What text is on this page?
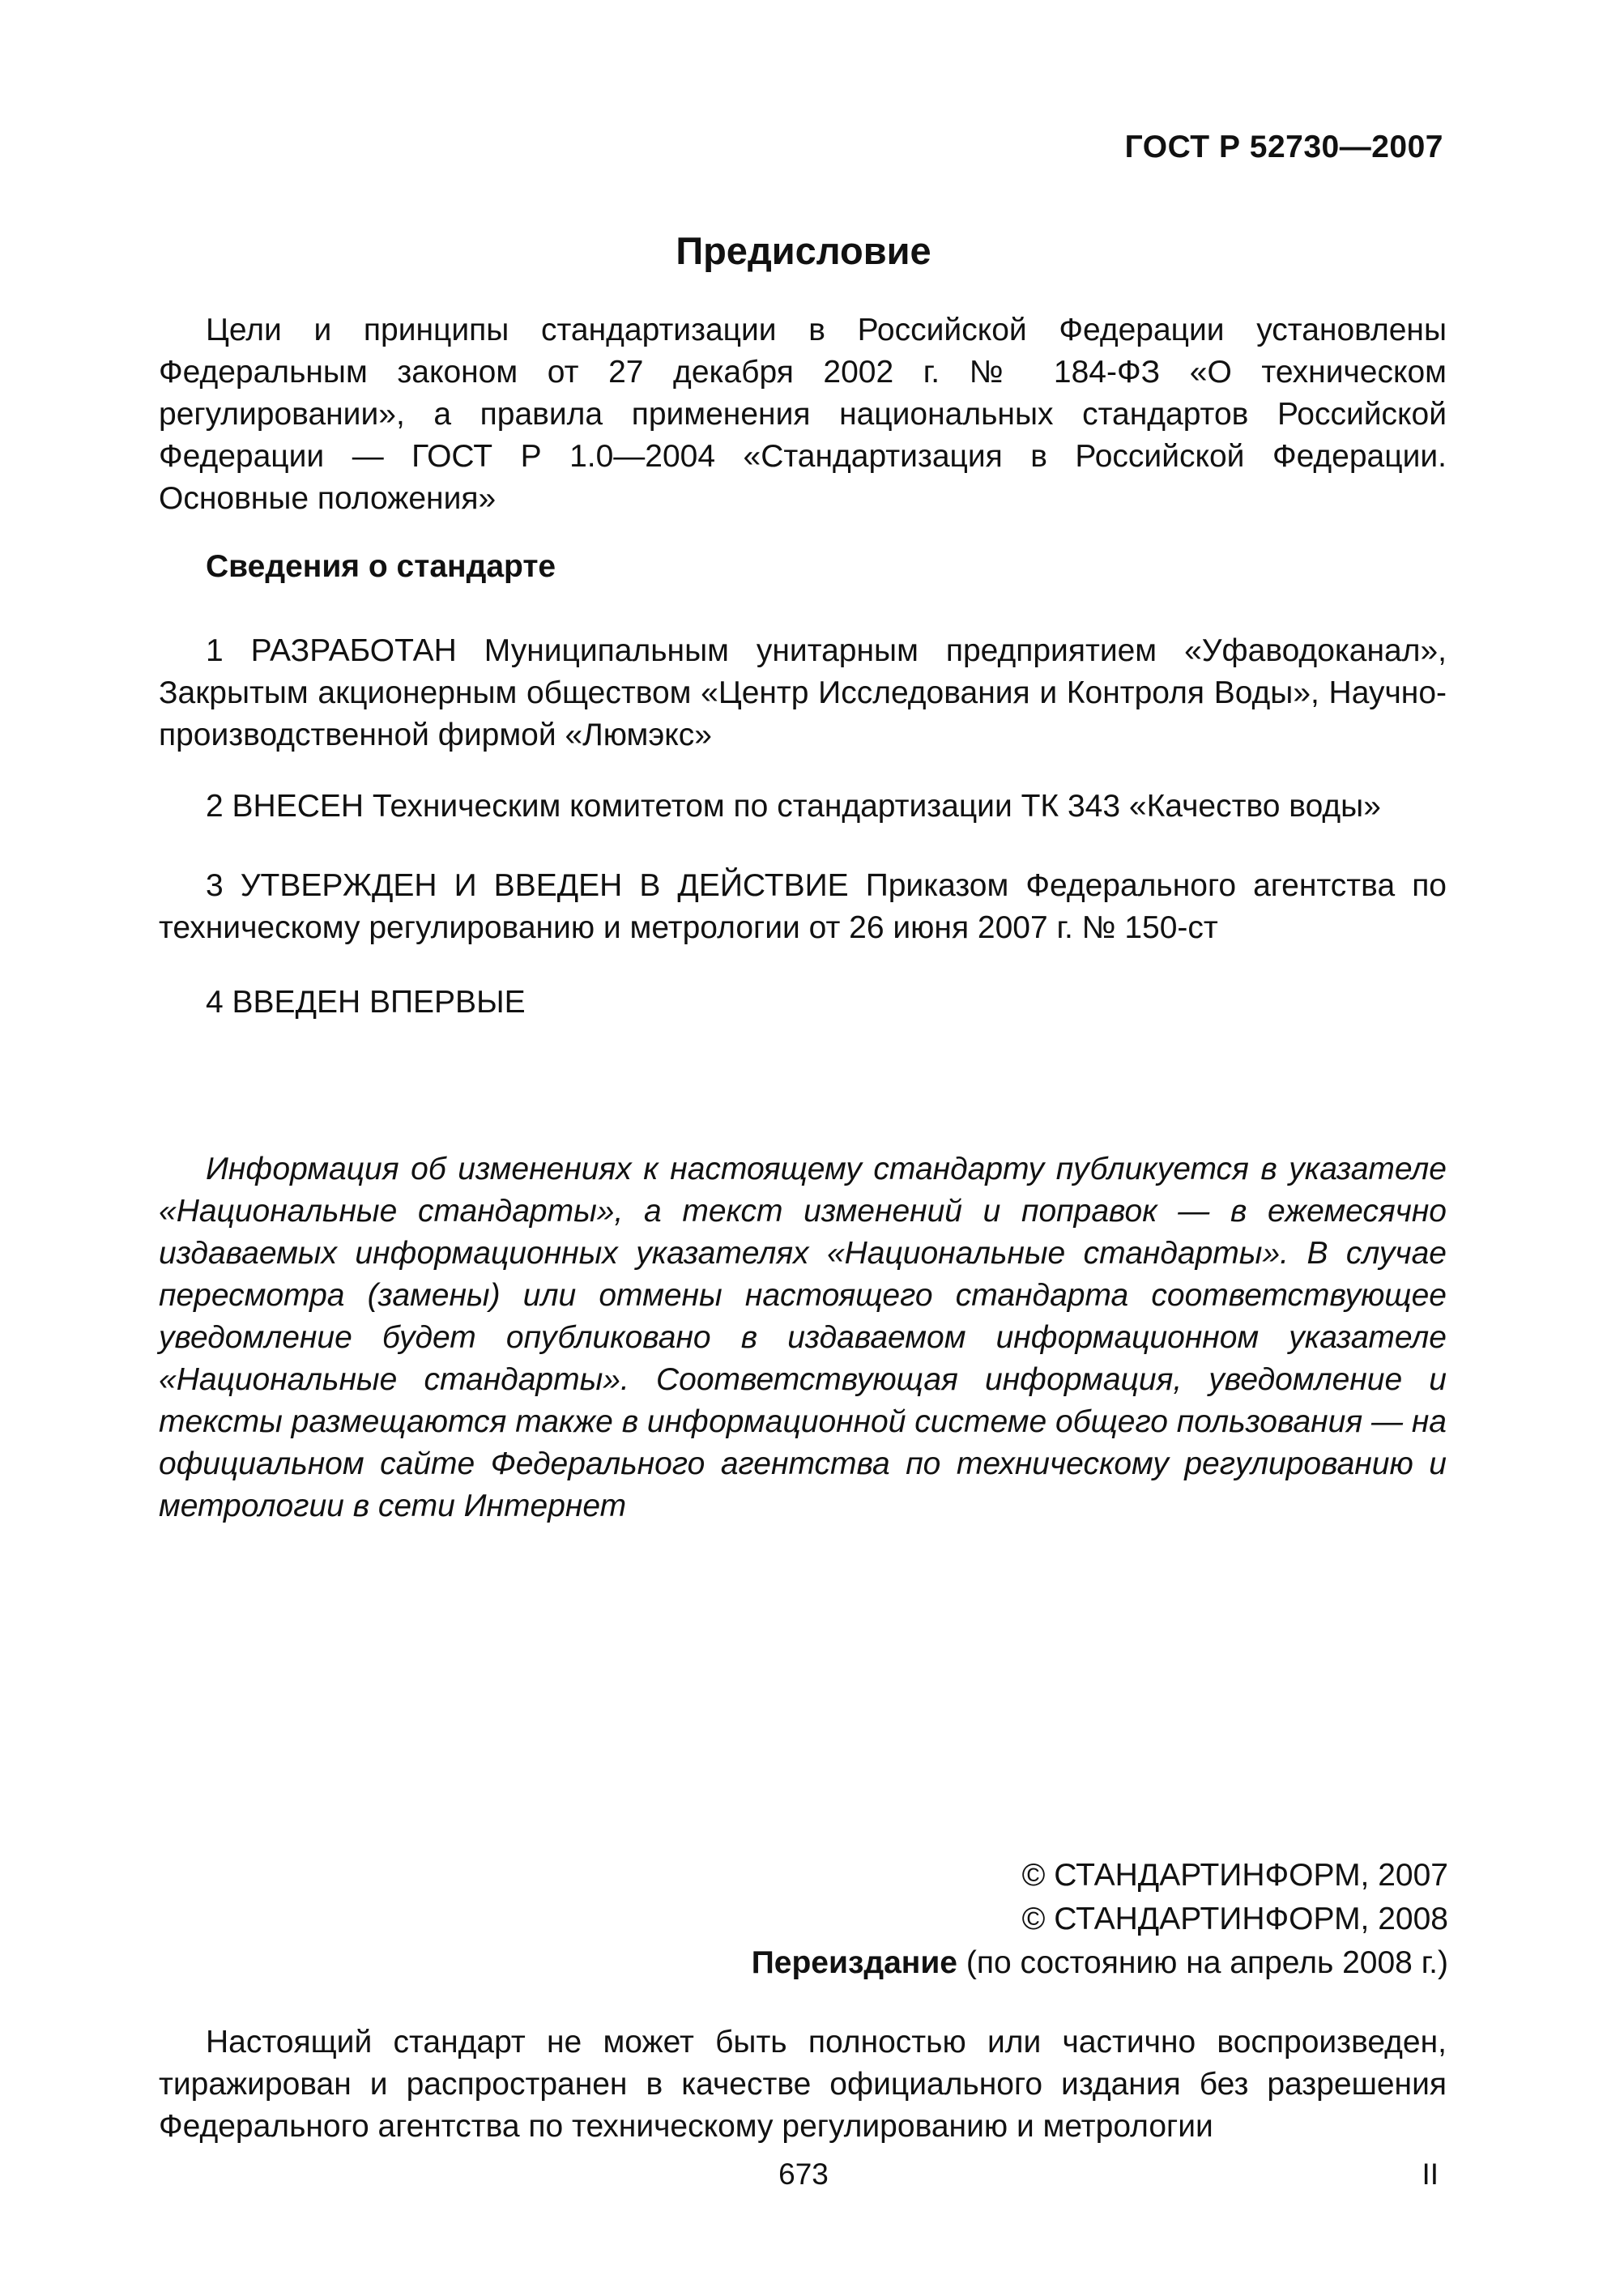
ГОСТ Р 52730—2007
Предисловие
Цели и принципы стандартизации в Российской Федерации установлены Федеральным законом от 27 декабря 2002 г. № 184-ФЗ «О техническом регулировании», а правила применения национальных стандартов Российской Федерации — ГОСТ Р 1.0—2004 «Стандартизация в Российской Федерации. Основные положения»
Сведения о стандарте
1 РАЗРАБОТАН Муниципальным унитарным предприятием «Уфаводоканал», Закрытым акционерным обществом «Центр Исследования и Контроля Воды», Научно-производственной фирмой «Люмэкс»
2 ВНЕСЕН Техническим комитетом по стандартизации ТК 343 «Качество воды»
3 УТВЕРЖДЕН И ВВЕДЕН В ДЕЙСТВИЕ Приказом Федерального агентства по техническому регулированию и метрологии от 26 июня 2007 г. № 150-ст
4 ВВЕДЕН ВПЕРВЫЕ
Информация об изменениях к настоящему стандарту публикуется в указателе «Национальные стандарты», а текст изменений и поправок — в ежемесячно издаваемых информационных указателях «Национальные стандарты». В случае пересмотра (замены) или отмены настоящего стандарта соответствующее уведомление будет опубликовано в издаваемом информационном указателе «Национальные стандарты». Соответствующая информация, уведомление и тексты размещаются также в информационной системе общего пользования — на официальном сайте Федерального агентства по техническому регулированию и метрологии в сети Интернет
© СТАНДАРТИНФОРМ, 2007
© СТАНДАРТИНФОРМ, 2008
Переиздание (по состоянию на апрель 2008 г.)
Настоящий стандарт не может быть полностью или частично воспроизведен, тиражирован и распространен в качестве официального издания без разрешения Федерального агентства по техническому регулированию и метрологии
673	II
